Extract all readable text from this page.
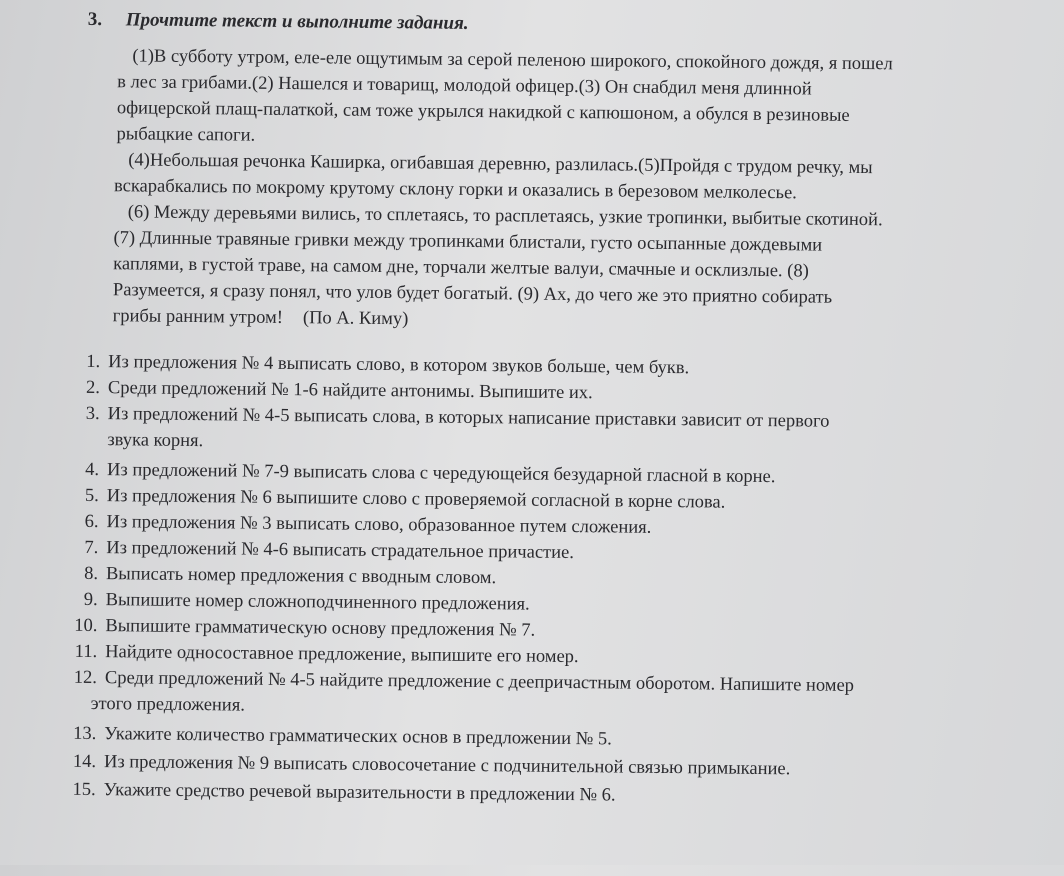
3. Прочтите текст и выполните задания.

(1)В субботу утром, еле-еле ощутимым за серой пеленою широкого, спокойного дождя, я пошел

в лес за грибами.(2) Нашелся и товарищ, молодой офицер.(3) Он снабдил меня длинной

офицерской плащ-палаткой, сам тоже укрылся накидкой с капюшоном, а обулся в резиновые

рыбацкие сапоги.

(4)Небольшая речонка Каширка, огибавшая деревню, разлилась.(5)Пройдя с трудом речку, мы

вскарабкались по мокрому крутому склону горки и оказались в березовом мелколесье.

(6) Между деревьями вились, то сплетаясь, то расплетаясь, узкие тропинки, выбитые скотиной.

(7) Длинные травяные гривки между тропинками блистали, густо осыпанные дождевыми

каплями, в густой траве, на самом дне, торчали желтые валуи, смачные и осклизлые. (8)

Разумеется, я сразу понял, что улов будет богатый. (9) Ах, до чего же это приятно собирать

грибы ранним утром! (По А. Киму)

1. Из предложения № 4 выписать слово, в котором звуков больше, чем букв.
2. Среди предложений № 1-6 найдите антонимы. Выпишите их.
3. Из предложений № 4-5 выписать слова, в которых написание приставки зависит от первого
звука корня.
4. Из предложений № 7-9 выписать слова с чередующейся безударной гласной в корне.
5. Из предложения № 6 выпишите слово с проверяемой согласной в корне слова.
6. Из предложения № 3 выписать слово, образованное путем сложения.
7. Из предложений № 4-6 выписать страдательное причастие.
8. Выписать номер предложения с вводным словом.
9. Выпишите номер сложноподчиненного предложения.
10. Выпишите грамматическую основу предложения № 7.
11. Найдите односоставное предложение, выпишите его номер.
12. Среди предложений № 4-5 найдите предложение с деепричастным оборотом. Напишите номер
этого предложения.
13. Укажите количество грамматических основ в предложении № 5.
14. Из предложения № 9 выписать словосочетание с подчинительной связью примыкание.
15. Укажите средство речевой выразительности в предложении № 6.
